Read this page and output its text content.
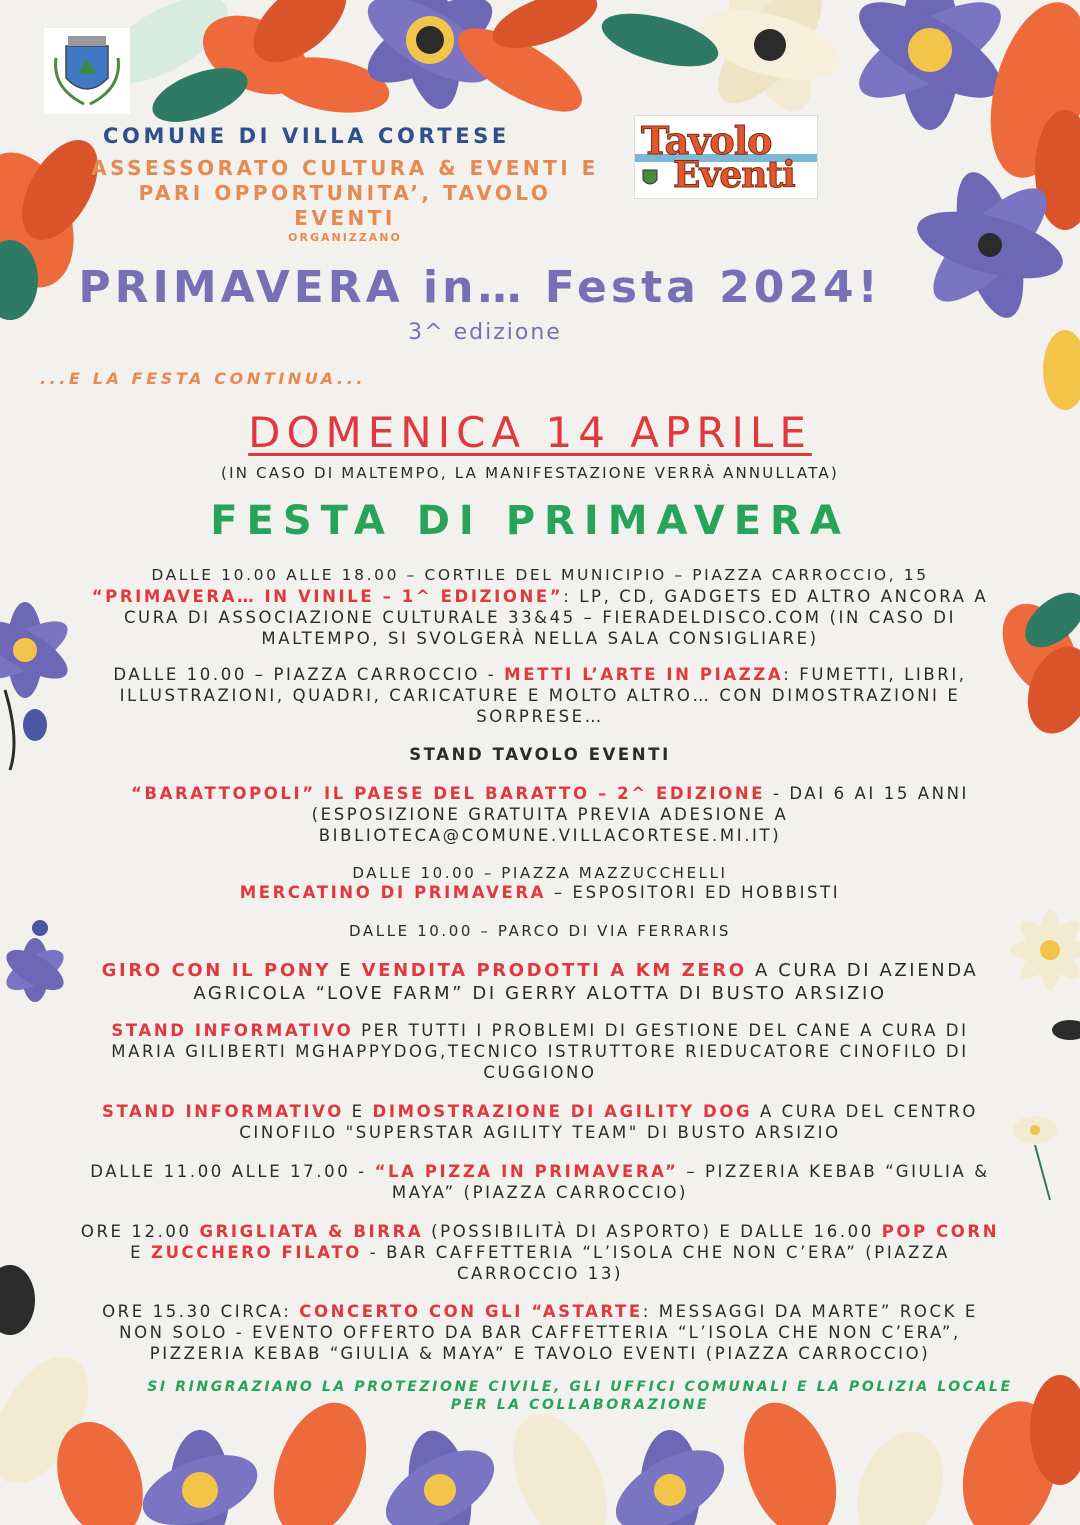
Tavolo
Eventi
COMUNE DI VILLA CORTESE
ASSESSORATO CULTURA & EVENTI E
PARI OPPORTUNITA’, TAVOLO
EVENTI
ORGANIZZANO
PRIMAVERA in… Festa 2024!
3^ edizione
...E LA FESTA CONTINUA...
DOMENICA 14 APRILE
(IN CASO DI MALTEMPO, LA MANIFESTAZIONE VERRÀ ANNULLATA)
FESTA DI PRIMAVERA
DALLE 10.00 ALLE 18.00 – CORTILE DEL MUNICIPIO – PIAZZA CARROCCIO, 15
“PRIMAVERA… IN VINILE – 1^ EDIZIONE”: LP, CD, GADGETS ED ALTRO ANCORA A
CURA DI ASSOCIAZIONE CULTURALE 33&45 – FIERADELDISCO.COM (IN CASO DI
MALTEMPO, SI SVOLGERÀ NELLA SALA CONSIGLIARE)
DALLE 10.00 – PIAZZA CARROCCIO - METTI L’ARTE IN PIAZZA: FUMETTI, LIBRI,
ILLUSTRAZIONI, QUADRI, CARICATURE E MOLTO ALTRO… CON DIMOSTRAZIONI E
SORPRESE…
STAND TAVOLO EVENTI
“BARATTOPOLI” IL PAESE DEL BARATTO – 2^ EDIZIONE - DAI 6 AI 15 ANNI
(ESPOSIZIONE GRATUITA PREVIA ADESIONE A
BIBLIOTECA@COMUNE.VILLACORTESE.MI.IT)
DALLE 10.00 – PIAZZA MAZZUCCHELLI
MERCATINO DI PRIMAVERA – ESPOSITORI ED HOBBISTI
DALLE 10.00 – PARCO DI VIA FERRARIS
GIRO CON IL PONY E VENDITA PRODOTTI A KM ZERO A CURA DI AZIENDA
AGRICOLA “LOVE FARM” DI GERRY ALOTTA DI BUSTO ARSIZIO
STAND INFORMATIVO PER TUTTI I PROBLEMI DI GESTIONE DEL CANE A CURA DI
MARIA GILIBERTI MGHAPPYDOG,TECNICO ISTRUTTORE RIEDUCATORE CINOFILO DI
CUGGIONO
STAND INFORMATIVO E DIMOSTRAZIONE DI AGILITY DOG A CURA DEL CENTRO
CINOFILO "SUPERSTAR AGILITY TEAM" DI BUSTO ARSIZIO
DALLE 11.00 ALLE 17.00 - “LA PIZZA IN PRIMAVERA” – PIZZERIA KEBAB “GIULIA &
MAYA” (PIAZZA CARROCCIO)
ORE 12.00 GRIGLIATA & BIRRA (POSSIBILITÀ DI ASPORTO) E DALLE 16.00 POP CORN
E ZUCCHERO FILATO - BAR CAFFETTERIA “L’ISOLA CHE NON C’ERA” (PIAZZA
CARROCCIO 13)
ORE 15.30 CIRCA: CONCERTO CON GLI “ASTARTE: MESSAGGI DA MARTE” ROCK E
NON SOLO - EVENTO OFFERTO DA BAR CAFFETTERIA “L’ISOLA CHE NON C’ERA”,
PIZZERIA KEBAB “GIULIA & MAYA” E TAVOLO EVENTI (PIAZZA CARROCCIO)
SI RINGRAZIANO LA PROTEZIONE CIVILE, GLI UFFICI COMUNALI E LA POLIZIA LOCALE
PER LA COLLABORAZIONE
